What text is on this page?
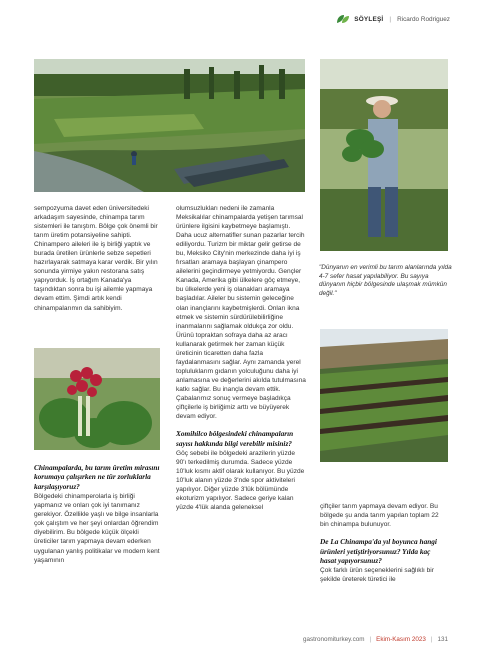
SÖYLEŞİ | Ricardo Rodriguez

sempozyuma davet eden üniversitedeki arkadaşım sayesinde, chinampa tarım sistemleri ile tanıştım. Bölge çok önemli bir tarım üretim potansiyeline sahipti. Chinampero aileleri ile iş birliği yaptık ve burada üretilen ürünlerle sebze sepetleri hazırlayarak satmaya karar verdik. Bir yılın sonunda yirmiye yakın restorana satış yapıyorduk. İş ortağım Kanada'ya taşındıktan sonra bu işi ailemle yapmaya devam ettim. Şimdi artık kendi chinampalarımın da sahibiyim.

Chinampalarda, bu tarım üretim mirasını korumaya çalışırken ne tür zorluklarla karşılaşıyoruz?

Bölgedeki chinamperolarla iş birliği yapmanız ve onları çok iyi tanımanız gerekiyor. Özellikle yaşlı ve bilge insanlarla çok çalıştım ve her şeyi onlardan öğrendim diyebilirim. Bu bölgede küçük ölçekli üreticiler tarım yapmaya devam ederken uygulanan yanlış politikalar ve modern kent yaşamının

olumsuzlukları nedeni ile zamanla Meksikalılar chinampalarda yetişen tarımsal ürünlere ilgisini kaybetmeye başlamıştı. Daha ucuz alternatifler sunan pazarlar tercih ediliyordu. Turizm bir miktar gelir getirse de bu, Meksiko City'nin merkezinde daha iyi iş fırsatları aramaya başlayan çinampero ailelerini geçindirmeye yetmiyordu. Gençler Kanada, Amerika gibi ülkelere göç etmeye, bu ülkelerde yeni iş olanakları aramaya başladılar. Aileler bu sistemin geleceğine olan inançlarını kaybetmişlerdi. Onları ikna etmek ve sistemin sürdürülebilirliğine inanmalarını sağlamak oldukça zor oldu. Ürünü topraktan sofraya daha az aracı kullanarak getirmek her zaman küçük üreticinin ticaretten daha fazla faydalanmasını sağlar. Aynı zamanda yerel topluluklarım gıdanın yolculuğunu daha iyi anlamasına ve değerlerini akılda tutulmasına katkı sağlar. Bu inançla devam ettik. Çabalarımız sonuç vermeye başladıkça çiftçilerle iş birliğimiz arttı ve büyüyerek devam ediyor.

Xomihilco bölgesindeki chinampaların sayısı hakkında bilgi verebilir misiniz?

Göç sebebi ile bölgedeki arazilerin yüzde 90'ı terkedilmiş durumda. Sadece yüzde 10'luk kısmı aktif olarak kullanıyor. Bu yüzde 10'luk alanın yüzde 3'nde spor aktiviteleri yapılıyor. Diğer yüzde 3'lük bölümünde ekoturizm yapılıyor. Sadece geriye kalan yüzde 4'lük alanda geleneksel	çiftçiler tarım yapmaya devam ediyor. Bu bölgede şu anda tarım yapılan toplam 22 bin chinampa bulunuyor.

De La Chinampa'da yıl boyunca hangi ürünleri yetiştiriyorsunuz? Yılda kaç hasat yapıyorsunuz?

Çok farklı ürün seçeneklerini sağlıklı bir şekilde üreterek türetici ile

"Dünyanın en verimli bu tarım alanlarında yılda 4-7 sefer hasat yapılabiliyor. Bu sayıya dünyanın hiçbir bölgesinde ulaşmak mümkün değil."
gastronomiturkey.com | Ekim-Kasım 2023 | 131
